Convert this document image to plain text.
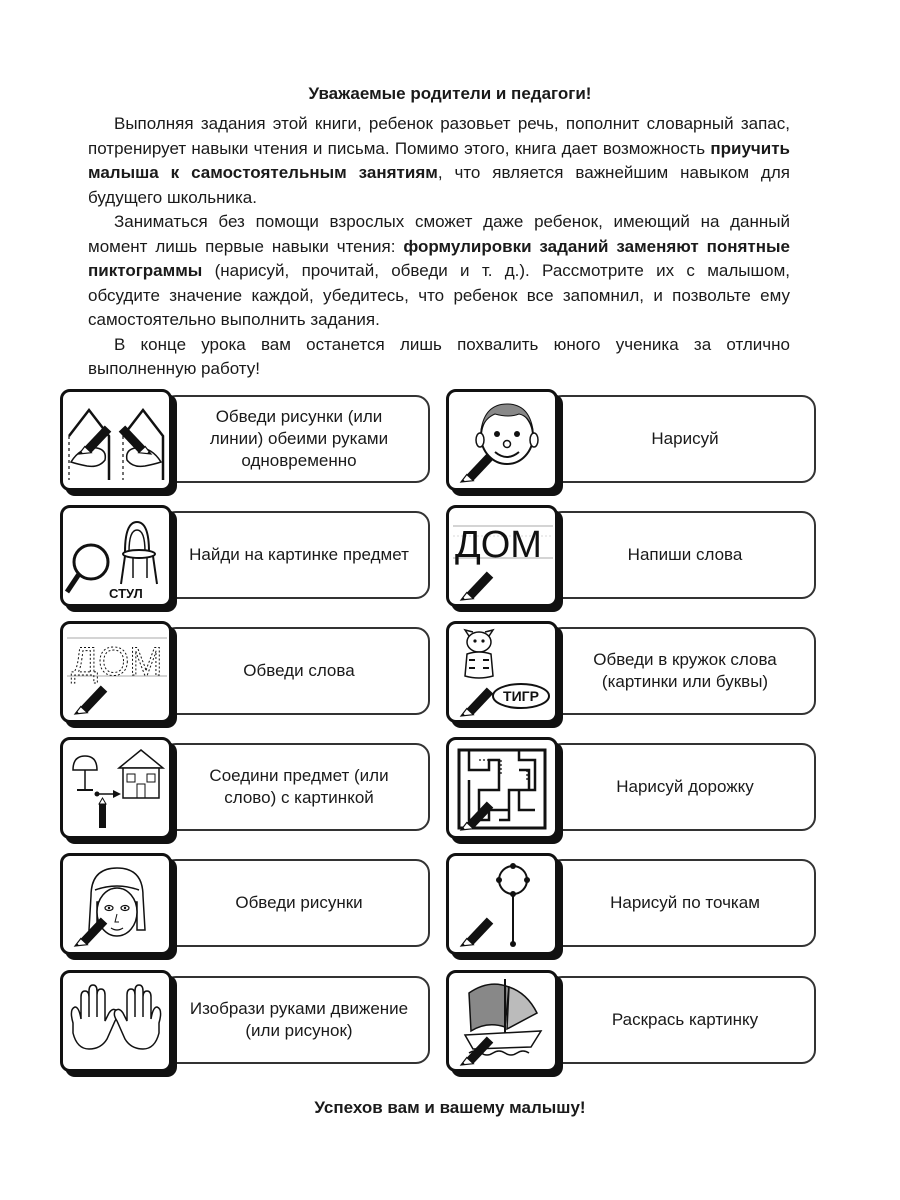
Уважаемые родители и педагоги!

Выполняя задания этой книги, ребенок разовьет речь, пополнит словарный запас, потренирует навыки чтения и письма. Помимо этого, книга дает возможность приучить малыша к самостоятельным занятиям, что является важнейшим навыком для будущего школьника.

Заниматься без помощи взрослых сможет даже ребенок, имеющий на данный момент лишь первые навыки чтения: формулировки заданий заменяют понятные пиктограммы (нарисуй, прочитай, обведи и т. д.). Рассмотрите их с малышом, обсудите значение каждой, убедитесь, что ребенок все запомнил, и позвольте ему самостоятельно выполнить задания.

В конце урока вам останется лишь похвалить юного ученика за отлично выполненную работу!

Обведи рисунки (или линии) обеими руками одновременно
Нарисуй
СТУЛ
Найди на картинке предмет	ДОМ	Напиши слова
ДОМ	Обведи слова
ТИГР
Обведи в кружок слова (картинки или буквы)
Соедини предмет (или слово) с картинкой
Нарисуй дорожку
Обведи рисунки	Нарисуй по точкам
Изобрази руками движение (или рисунок)
Раскрась картинку

Успехов вам и вашему малышу!
